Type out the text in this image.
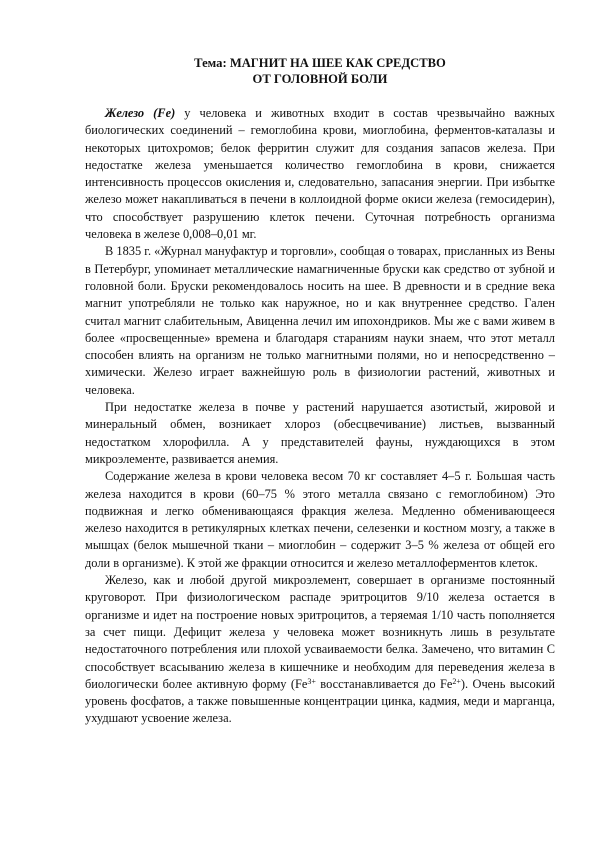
Тема: МАГНИТ НА ШЕЕ КАК СРЕДСТВО
ОТ ГОЛОВНОЙ БОЛИ

Железо (Fe) у человека и животных входит в состав чрезвычайно важных биологических соединений – гемоглобина крови, миоглобина, ферментов-каталазы и некоторых цитохромов; белок ферритин служит для создания запасов железа. При недостатке железа уменьшается количество гемоглобина в крови, снижается интенсивность процессов окисления и, следовательно, запасания энергии. При избытке железо может накапливаться в печени в коллоидной форме окиси железа (гемосидерин), что способствует разрушению клеток печени. Суточная потребность организма человека в железе 0,008–0,01 мг.

В 1835 г. «Журнал мануфактур и торговли», сообщая о товарах, присланных из Вены в Петербург, упоминает металлические намагниченные бруски как средство от зубной и головной боли. Бруски рекомендовалось носить на шее. В древности и в средние века магнит употребляли не только как наружное, но и как внутреннее средство. Гален считал магнит слабительным, Авиценна лечил им ипохондриков. Мы же с вами живем в более «просвещенные» времена и благодаря стараниям науки знаем, что этот металл способен влиять на организм не только магнитными полями, но и непосредственно – химически. Железо играет важнейшую роль в физиологии растений, животных и человека.

При недостатке железа в почве у растений нарушается азотистый, жировой и минеральный обмен, возникает хлороз (обесцвечивание) листьев, вызванный недостатком хлорофилла. А у представителей фауны, нуждающихся в этом микроэлементе, развивается анемия.

Содержание железа в крови человека весом 70 кг составляет 4–5 г. Большая часть железа находится в крови (60–75 % этого металла связано с гемоглобином) Это подвижная и легко обменивающаяся фракция железа. Медленно обменивающееся железо находится в ретикулярных клетках печени, селезенки и костном мозгу, а также в мышцах (белок мышечной ткани – миоглобин – содержит 3–5 % железа от общей его доли в организме). К этой же фракции относится и железо металлоферментов клеток.

Железо, как и любой другой микроэлемент, совершает в организме постоянный круговорот. При физиологическом распаде эритроцитов 9/10 железа остается в организме и идет на построение новых эритроцитов, а теряемая 1/10 часть пополняется за счет пищи. Дефицит железа у человека может возникнуть лишь в результате недостаточного потребления или плохой усваиваемости белка. Замечено, что витамин С способствует всасыванию железа в кишечнике и необходим для переведения железа в биологически более активную форму ($Fe^{3+}$ восстанавливается до $Fe^{2+}$). Очень высокий уровень фосфатов, а также повышенные концентрации цинка, кадмия, меди и марганца, ухудшают усвоение железа.
